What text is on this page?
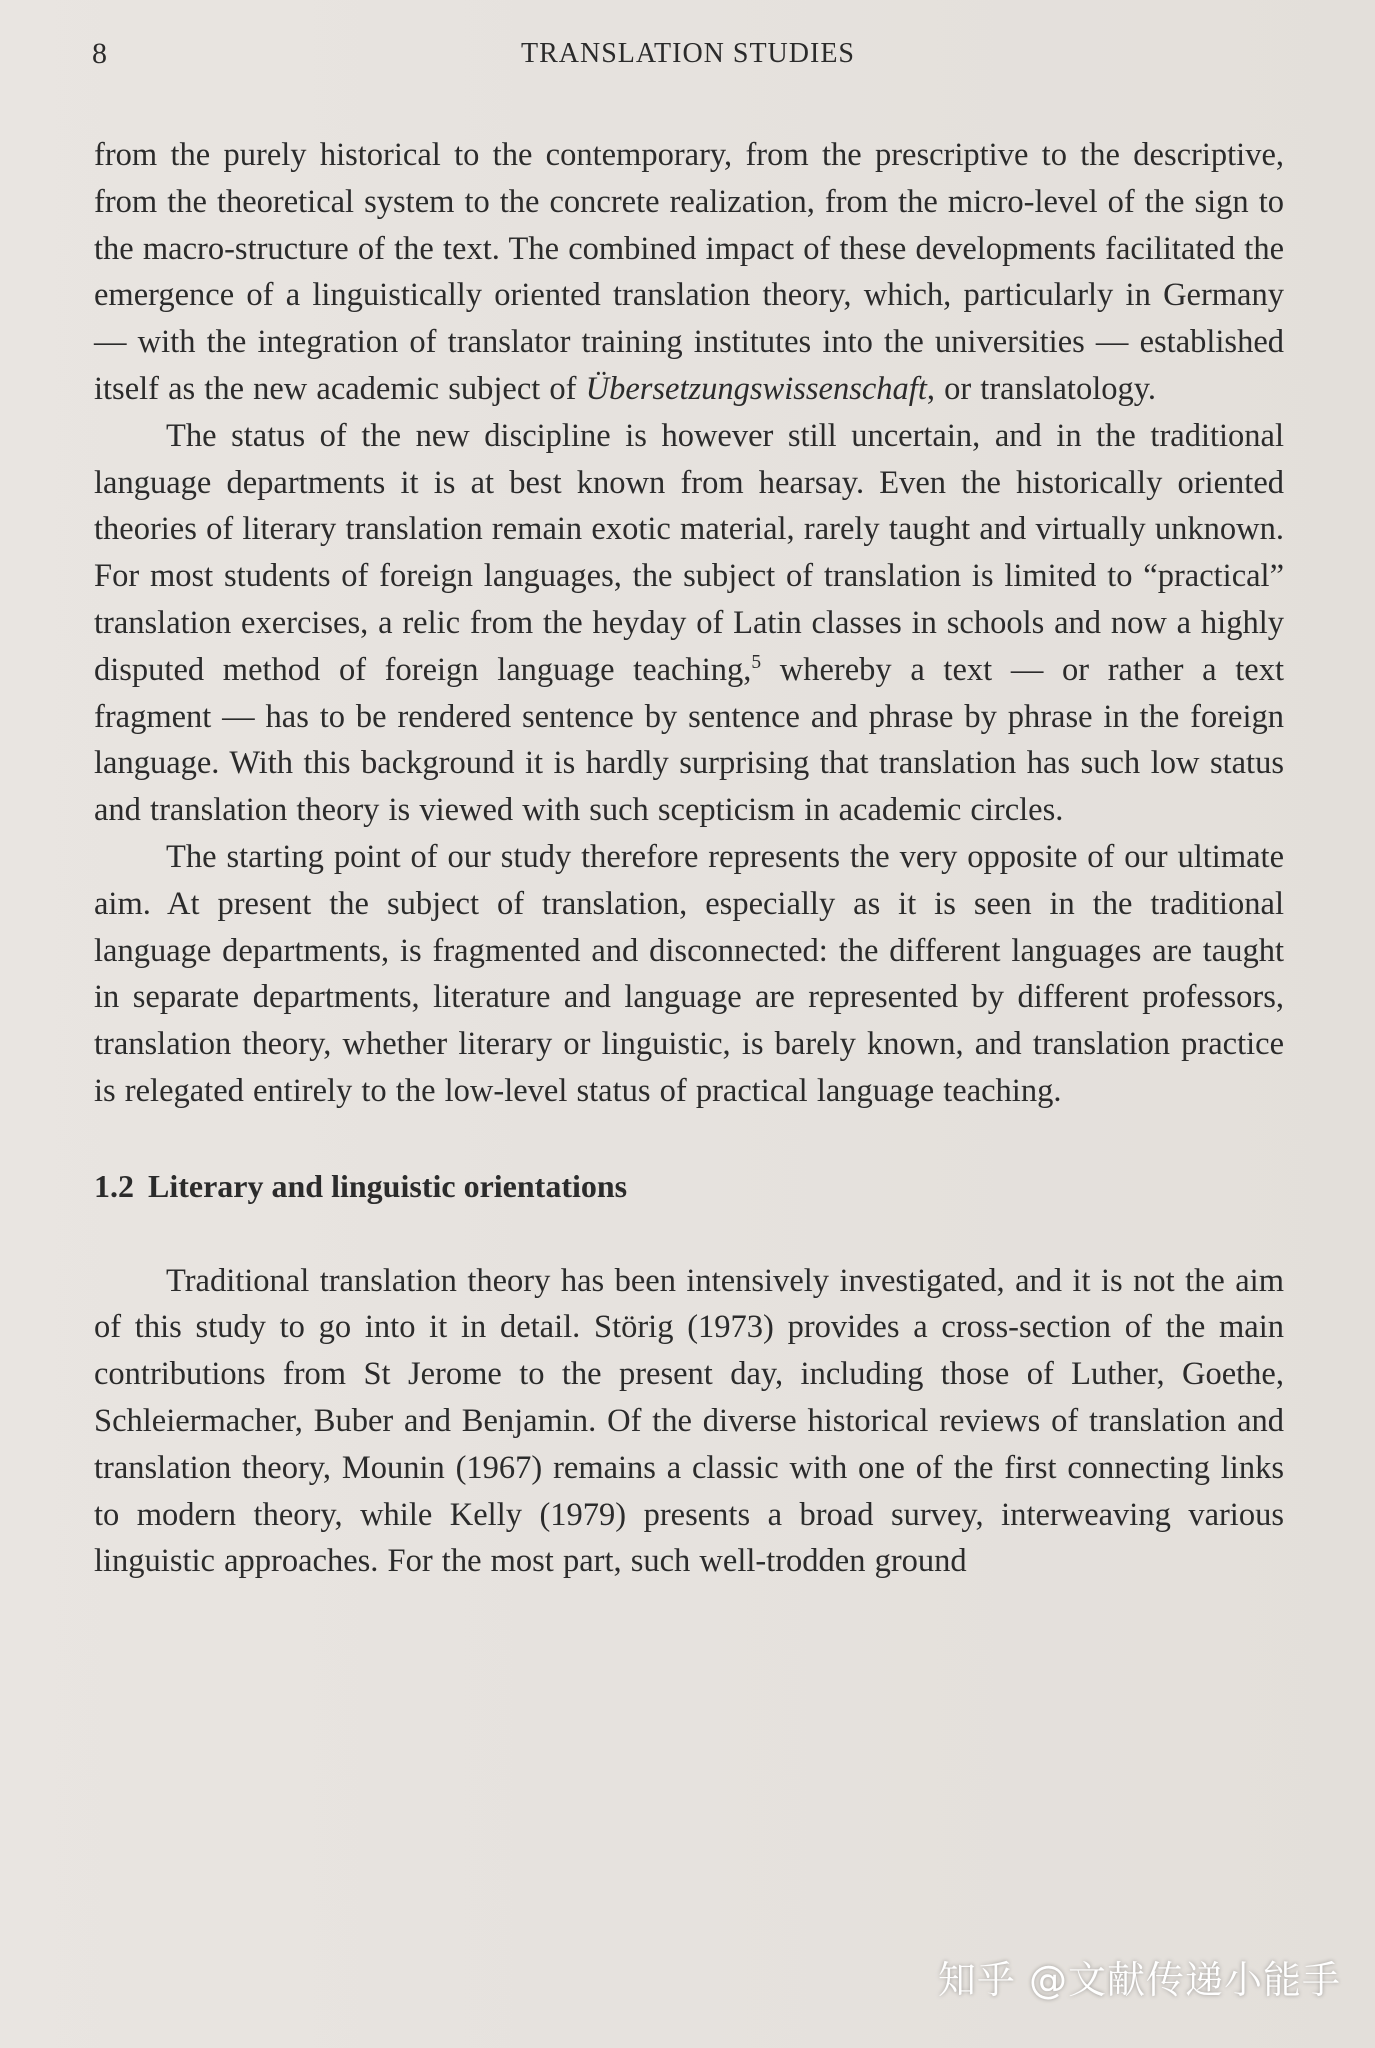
8	TRANSLATION STUDIES

from the purely historical to the contemporary, from the prescriptive to the descriptive, from the theoretical system to the concrete realization, from the micro-level of the sign to the macro-structure of the text. The combined impact of these developments facilitated the emergence of a linguistically oriented translation theory, which, particularly in Germany — with the integration of translator training institutes into the universities — established itself as the new academic subject of Übersetzungswissenschaft, or translatology.

The status of the new discipline is however still uncertain, and in the traditional language departments it is at best known from hearsay. Even the historically oriented theories of literary translation remain exotic material, rarely taught and virtually unknown. For most students of foreign languages, the subject of translation is limited to “practical” translation exercises, a relic from the heyday of Latin classes in schools and now a highly disputed method of foreign language teaching,$^5$ whereby a text — or rather a text fragment — has to be rendered sentence by sentence and phrase by phrase in the foreign language. With this background it is hardly surprising that translation has such low status and translation theory is viewed with such scepticism in academic circles.

The starting point of our study therefore represents the very opposite of our ultimate aim. At present the subject of translation, especially as it is seen in the traditional language departments, is fragmented and disconnected: the different languages are taught in separate departments, literature and language are represented by different professors, translation theory, whether literary or linguistic, is barely known, and translation practice is relegated entirely to the low-level status of practical language teaching.

1.2 Literary and linguistic orientations

Traditional translation theory has been intensively investigated, and it is not the aim of this study to go into it in detail. Störig (1973) provides a cross-section of the main contributions from St Jerome to the present day, including those of Luther, Goethe, Schleiermacher, Buber and Benjamin. Of the diverse historical reviews of translation and translation theory, Mounin (1967) remains a classic with one of the first connecting links to modern theory, while Kelly (1979) presents a broad survey, interweaving various linguistic approaches. For the most part, such well-trodden ground

知乎 @文献传递小能手
